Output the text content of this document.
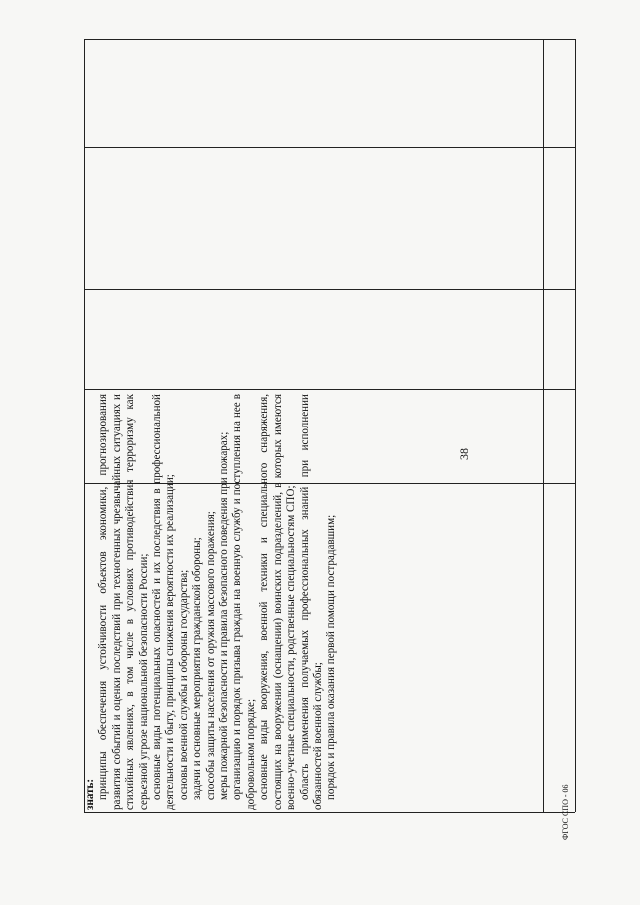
38

знать: принципы обеспечения устойчивости объектов экономики, прогнозирования развития событий и оценки последствий при техногенных чрезвычайных ситуациях и стихийных явлениях, в том числе в условиях противодействия терроризму как серьезной угрозе национальной безопасности России; основные виды потенциальных опасностей и их последствия в профессиональной деятельности и быту, принципы снижения вероятности их реализации; основы военной службы и обороны государства; задачи и основные мероприятия гражданской обороны; способы защиты населения от оружия массового поражения; меры пожарной безопасности и правила безопасного поведения при пожарах; организацию и порядок призыва граждан на военную службу и поступления на нее в добровольном порядке; основные виды вооружения, военной техники и специального снаряжения, состоящих на вооружении (оснащении) воинских подразделений, в которых имеются военно-учетные специальности, родственные специальностям СПО; область применения получаемых профессиональных знаний при исполнении обязанностей военной службы; порядок и правила оказания первой помощи пострадавшим;

ФГОС СПО - 06
